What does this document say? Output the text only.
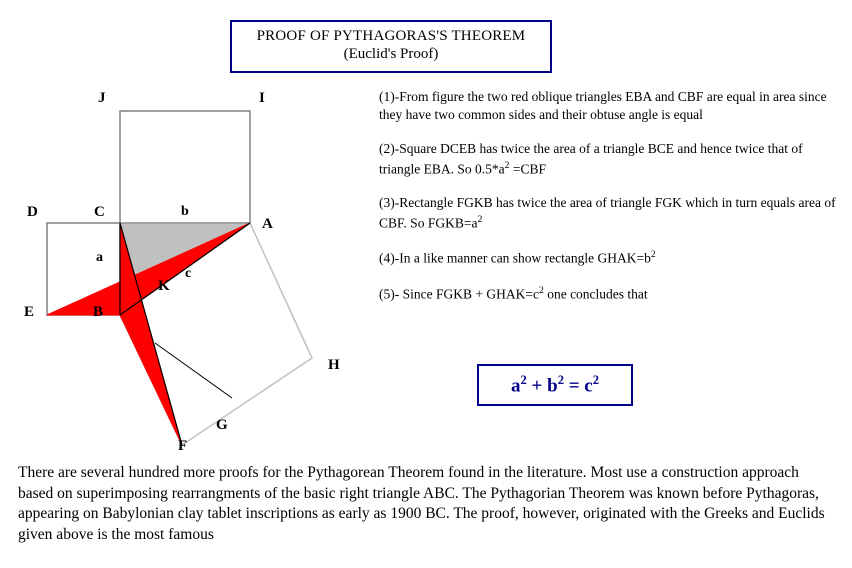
PROOF OF PYTHAGORAS'S THEOREM
(Euclid's Proof)
J	I
D	C
A
E	B
K
H
G
F
a
b
c
(1)-From figure the two red oblique triangles EBA and CBF are equal in area since they have two common sides and their obtuse angle is equal
(2)-Square DCEB has twice the area of a triangle BCE and hence twice that of triangle EBA. So $0.5*a^2 =CBF$
(3)-Rectangle FGKB has twice the area of triangle FGK which in turn equals area of CBF. So $FGKB=a^2$
(4)-In a like manner can show rectangle $GHAK=b^2$
(5)- Since FGKB + $GHAK=c^2$ one concludes that
$a^2 + b^2 = c^2$
There are several hundred more proofs for the Pythagorean Theorem found in the literature. Most use a construction approach based on superimposing rearrangments of the basic right triangle ABC. The Pythagorian Theorem was known before Pythagoras, appearing on Babylonian clay tablet inscriptions as early as 1900 BC. The proof, however, originated with the Greeks and Euclids given above is the most famous
